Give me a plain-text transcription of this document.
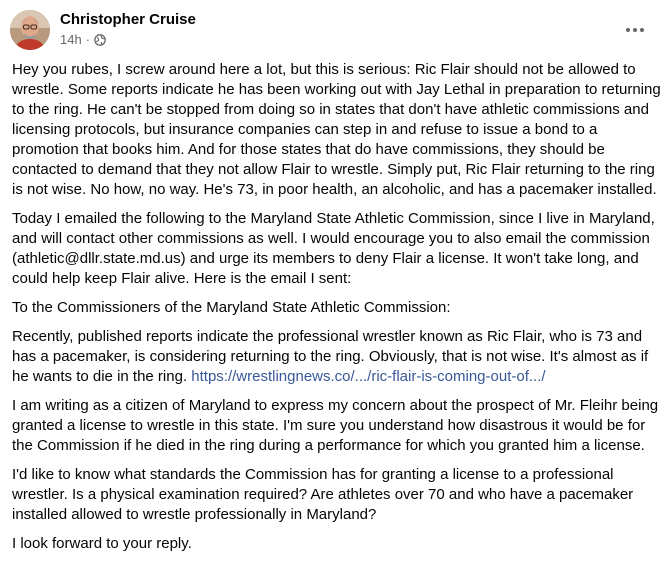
Christopher Cruise
14h ·

Hey you rubes, I screw around here a lot, but this is serious: Ric Flair should not be allowed to wrestle. Some reports indicate he has been working out with Jay Lethal in preparation to returning to the ring. He can't be stopped from doing so in states that don't have athletic commissions and licensing protocols, but insurance companies can step in and refuse to issue a bond to a promotion that books him. And for those states that do have commissions, they should be contacted to demand that they not allow Flair to wrestle. Simply put, Ric Flair returning to the ring is not wise. No how, no way. He's 73, in poor health, an alcoholic, and has a pacemaker installed.

Today I emailed the following to the Maryland State Athletic Commission, since I live in Maryland, and will contact other commissions as well. I would encourage you to also email the commission (athletic@dllr.state.md.us) and urge its members to deny Flair a license. It won't take long, and could help keep Flair alive. Here is the email I sent:

To the Commissioners of the Maryland State Athletic Commission:

Recently, published reports indicate the professional wrestler known as Ric Flair, who is 73 and has a pacemaker, is considering returning to the ring. Obviously, that is not wise. It's almost as if he wants to die in the ring. https://wrestlingnews.co/.../ric-flair-is-coming-out-of.../

I am writing as a citizen of Maryland to express my concern about the prospect of Mr. Fleihr being granted a license to wrestle in this state. I'm sure you understand how disastrous it would be for the Commission if he died in the ring during a performance for which you granted him a license.

I'd like to know what standards the Commission has for granting a license to a professional wrestler. Is a physical examination required? Are athletes over 70 and who have a pacemaker installed allowed to wrestle professionally in Maryland?

I look forward to your reply.
